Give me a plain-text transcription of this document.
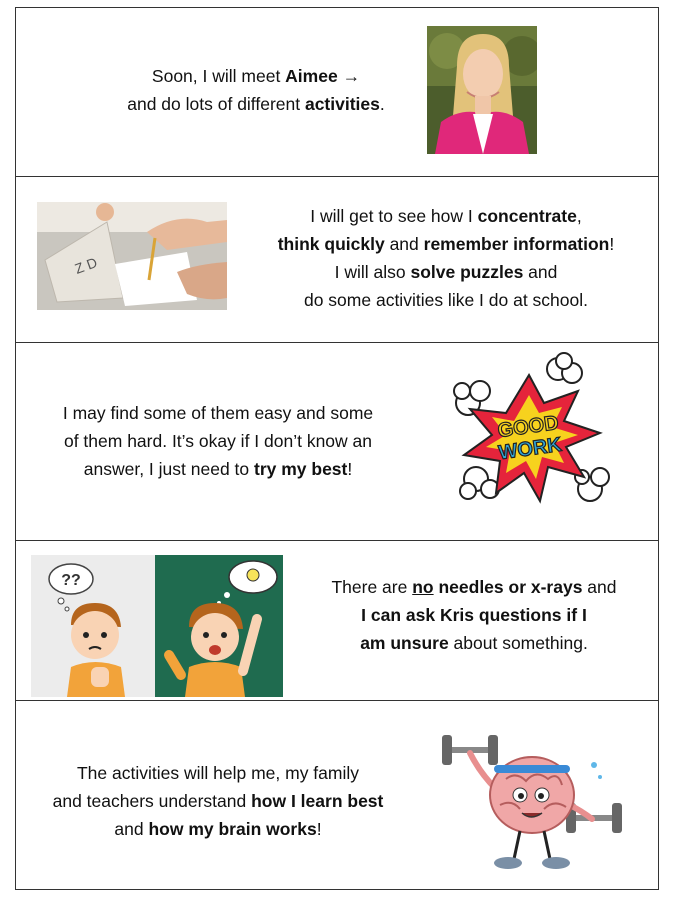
Soon, I will meet Aimee →
and do lots of different activities.
Z D
I will get to see how I concentrate,
think quickly and remember information!
I will also solve puzzles and
do some activities like I do at school.
I may find some of them easy and some
of them hard. It’s okay if I don’t know an
answer, I just need to try my best!
GOOD
WORK
??	There are no needles or x-rays and
I can ask Kris questions if I
am unsure about something.
The activities will help me, my family
and teachers understand how I learn best
and how my brain works!
